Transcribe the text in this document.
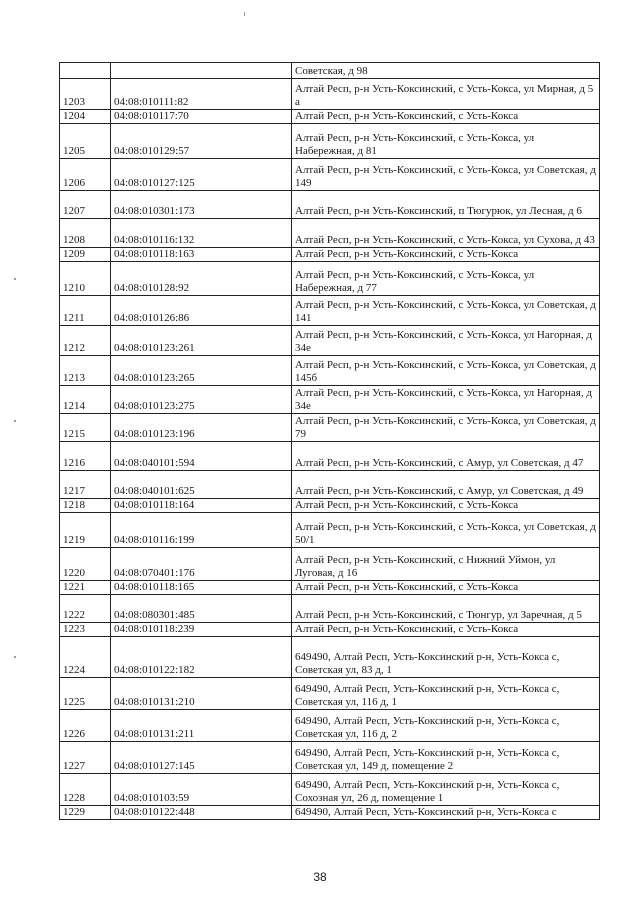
		Советская, д 98

1203	04:08:010111:82	Алтай Респ, р-н Усть-Коксинский, с Усть-Кокса, ул Мирная, д 5 а

1204	04:08:010117:70	Алтай Респ, р-н Усть-Коксинский, с Усть-Кокса

1205	04:08:010129:57	Алтай Респ, р-н Усть-Коксинский, с Усть-Кокса, ул Набережная, д 81

1206	04:08:010127:125	Алтай Респ, р-н Усть-Коксинский, с Усть-Кокса, ул Советская, д 149

1207	04:08:010301:173	Алтай Респ, р-н Усть-Коксинский, п Тюгурюк, ул Лесная, д 6

1208	04:08:010116:132	Алтай Респ, р-н Усть-Коксинский, с Усть-Кокса, ул Сухова, д 43

1209	04:08:010118:163	Алтай Респ, р-н Усть-Коксинский, с Усть-Кокса

1210	04:08:010128:92	Алтай Респ, р-н Усть-Коксинский, с Усть-Кокса, ул Набережная, д 77

1211	04:08:010126:86	Алтай Респ, р-н Усть-Коксинский, с Усть-Кокса, ул Советская, д 141

1212	04:08:010123:261	Алтай Респ, р-н Усть-Коксинский, с Усть-Кокса, ул Нагорная, д 34е

1213	04:08:010123:265	Алтай Респ, р-н Усть-Коксинский, с Усть-Кокса, ул Советская, д 145б

1214	04:08:010123:275	Алтай Респ, р-н Усть-Коксинский, с Усть-Кокса, ул Нагорная, д 34е

1215	04:08:010123:196	Алтай Респ, р-н Усть-Коксинский, с Усть-Кокса, ул Советская, д 79

1216	04:08:040101:594	Алтай Респ, р-н Усть-Коксинский, с Амур, ул Советская, д 47

1217	04:08:040101:625	Алтай Респ, р-н Усть-Коксинский, с Амур, ул Советская, д 49

1218	04:08:010118:164	Алтай Респ, р-н Усть-Коксинский, с Усть-Кокса

1219	04:08:010116:199	Алтай Респ, р-н Усть-Коксинский, с Усть-Кокса, ул Советская, д 50/1

1220	04:08:070401:176	Алтай Респ, р-н Усть-Коксинский, с Нижний Уймон, ул Луговая, д 16

1221	04:08:010118:165	Алтай Респ, р-н Усть-Коксинский, с Усть-Кокса

1222	04:08:080301:485	Алтай Респ, р-н Усть-Коксинский, с Тюнгур, ул Заречная, д 5

1223	04:08:010118:239	Алтай Респ, р-н Усть-Коксинский, с Усть-Кокса

1224	04:08:010122:182	649490, Алтай Респ, Усть-Коксинский р-н, Усть-Кокса с, Советская ул, 83 д, 1

1225	04:08:010131:210	649490, Алтай Респ, Усть-Коксинский р-н, Усть-Кокса с, Советская ул, 116 д, 1

1226	04:08:010131:211	649490, Алтай Респ, Усть-Коксинский р-н, Усть-Кокса с, Советская ул, 116 д, 2

1227	04:08:010127:145	649490, Алтай Респ, Усть-Коксинский р-н, Усть-Кокса с, Советская ул, 149 д, помещение 2

1228	04:08:010103:59	649490, Алтай Респ, Усть-Коксинский р-н, Усть-Кокса с, Сохозная ул, 26 д, помещение 1

1229	04:08:010122:448	649490, Алтай Респ, Усть-Коксинский р-н, Усть-Кокса с
38
